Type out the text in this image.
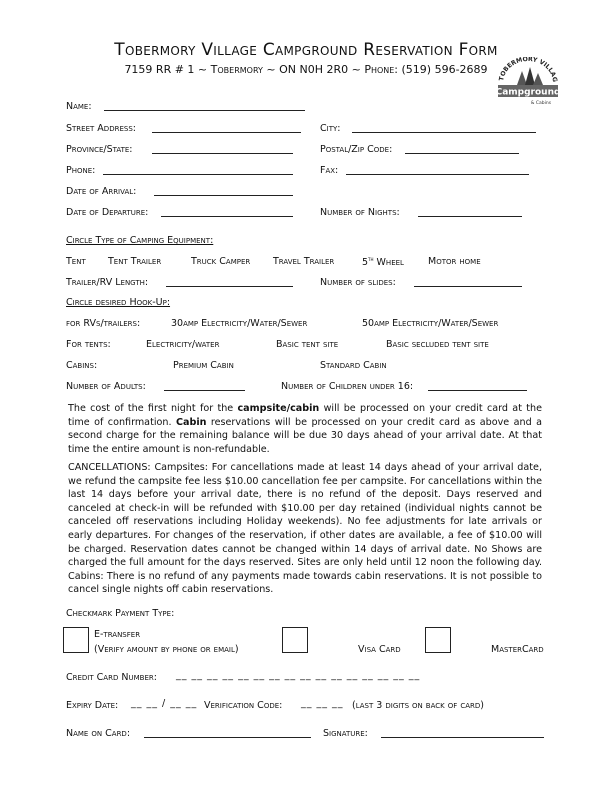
Tobermory Village Campground Reservation Form
7159 RR # 1 ~ Tobermory ~ ON N0H 2R0 ~ Phone: (519) 596-2689
TOBERMORY VILLAG
Campground
& Cabins
Name:
Street Address:	City:
Province/State:	Postal/Zip Code:
Phone:	Fax:
Date of Arrival:
Date of Departure:	Number of Nights:
Circle Type of Camping Equipment:
Tent Tent Trailer	Truck Camper Travel Trailer	5th Wheel	Motor home
Trailer/RV Length:	Number of slides:
Circle desired Hook-Up:
for RVs/trailers:	30amp Electricity/Water/Sewer	50amp Electricity/Water/Sewer
For tents:	Electricity/water	Basic tent site	Basic secluded tent site
Cabins:	Premium Cabin	Standard Cabin
Number of Adults:	Number of Children under 16:
The cost of the first night for the campsite/cabin will be processed on your credit card at the time of confirmation. Cabin reservations will be processed on your credit card as above and a second charge for the remaining balance will be due 30 days ahead of your arrival date. At that time the entire amount is non-refundable.
CANCELLATIONS: Campsites: For cancellations made at least 14 days ahead of your arrival date, we refund the campsite fee less $10.00 cancellation fee per campsite. For cancellations within the last 14 days before your arrival date, there is no refund of the deposit. Days reserved and canceled at check-in will be refunded with $10.00 per day retained (individual nights cannot be canceled off reservations including Holiday weekends). No fee adjustments for late arrivals or early departures. For changes of the reservation, if other dates are available, a fee of $10.00 will be charged. Reservation dates cannot be changed within 14 days of arrival date. No Shows are charged the full amount for the days reserved. Sites are only held until 12 noon the following day. Cabins: There is no refund of any payments made towards cabin reservations. It is not possible to cancel single nights off cabin reservations.
Checkmark Payment Type:
E-transfer
(Verify amount by phone or email)	Visa Card	MasterCard
Credit Card Number: __ __ __ __ __ __ __ __ __ __ __ __ __ __ __ __
Expiry Date: __ __ / __ __ Verification Code: __ __ __ (last 3 digits on back of card)
Name on Card:	Signature:
